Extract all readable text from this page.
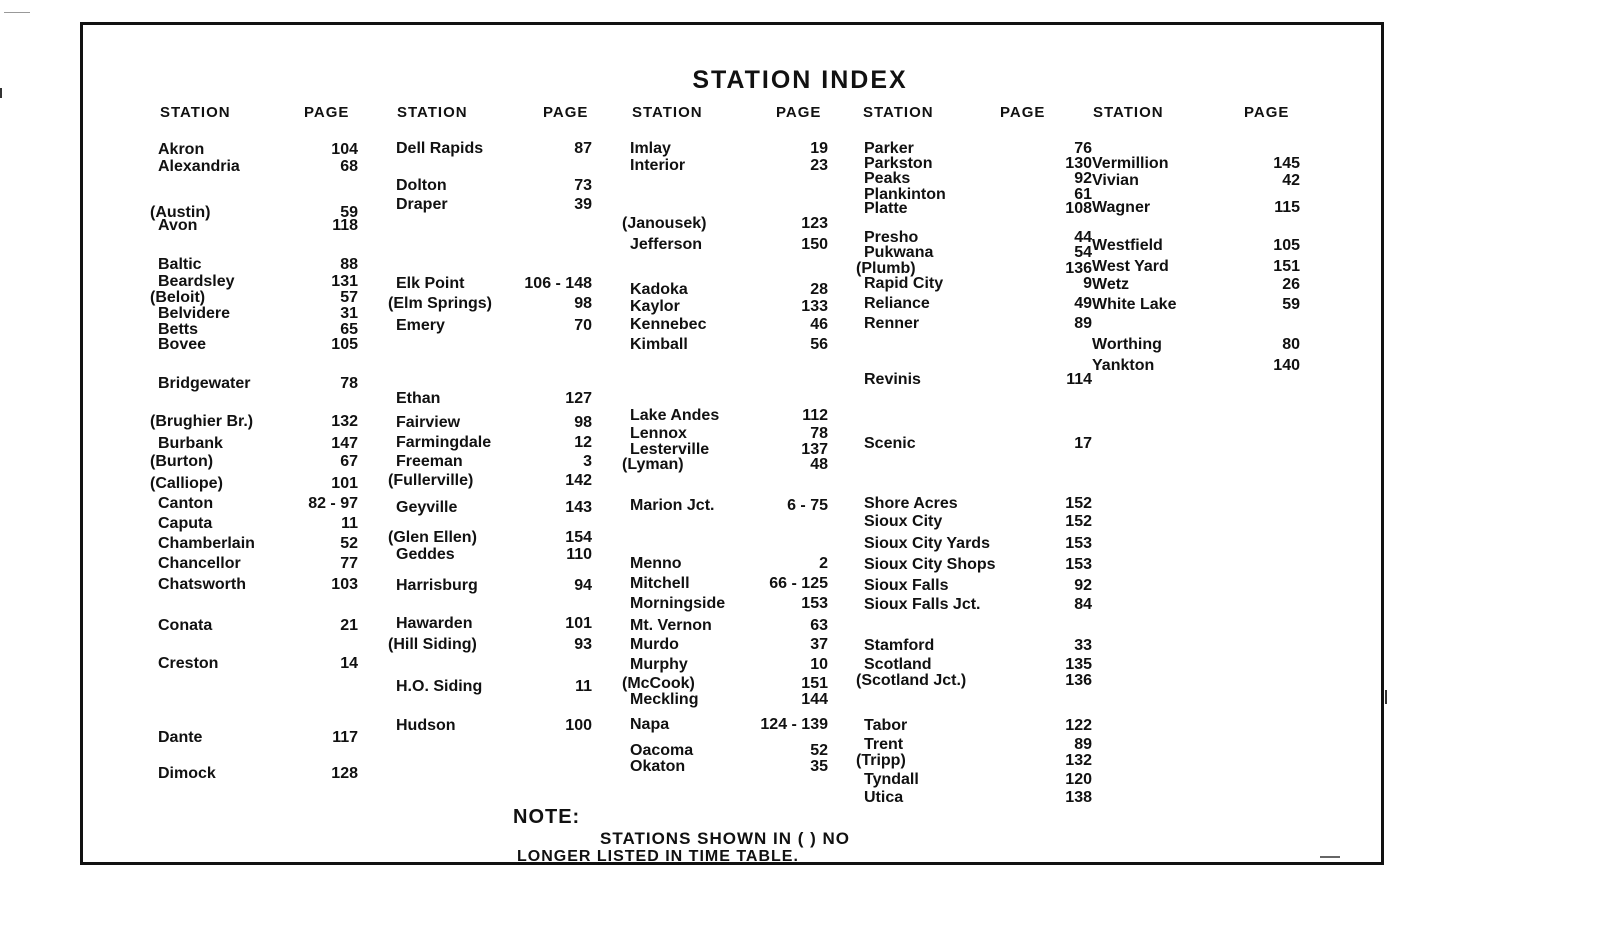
STATION INDEX
STATION	PAGE
Akron	104
Alexandria	68
(Austin)	59
Avon	118
Baltic	88
Beardsley	131
(Beloit)	57
Belvidere	31
Betts	65
Bovee	105
Bridgewater	78
(Brughier Br.)	132
Burbank	147
(Burton)	67
(Calliope)	101
Canton	82 - 97
Caputa	11
Chamberlain	52
Chancellor	77
Chatsworth	103
Conata	21
Creston	14
Dante	117
Dimock	128
STATION	PAGE
Dell Rapids	87
Dolton	73
Draper	39
Elk Point	106 - 148
(Elm Springs)	98
Emery	70
Ethan	127
Fairview	98
Farmingdale	12
Freeman	3
(Fullerville)	142
Geyville	143
(Glen Ellen)	154
Geddes	110
Harrisburg	94
Hawarden	101
(Hill Siding)	93
H.O. Siding	11
Hudson	100
STATION	PAGE
Imlay	19
Interior	23
(Janousek)	123
Jefferson	150
Kadoka	28
Kaylor	133
Kennebec	46
Kimball	56
Lake Andes	112
Lennox	78
Lesterville	137
(Lyman)	48
Marion Jct.	6 - 75
Menno	2
Mitchell	66 - 125
Morningside	153
Mt. Vernon	63
Murdo	37
Murphy	10
(McCook)	151
Meckling	144
Napa	124 - 139
Oacoma	52
Okaton	35
STATION	PAGE
Parker	76
Parkston	130
Peaks	92
Plankinton	61
Platte	108
Presho	44
Pukwana	54
(Plumb)	136
Rapid City	9
Reliance	49
Renner	89
Revinis	114
Scenic	17
Shore Acres	152
Sioux City	152
Sioux City Yards	153
Sioux City Shops	153
Sioux Falls	92
Sioux Falls Jct.	84
Stamford	33
Scotland	135
(Scotland Jct.)	136
Tabor	122
Trent	89
(Tripp)	132
Tyndall	120
Utica	138
STATION	PAGE
Vermillion	145
Vivian	42
Wagner	115
Westfield	105
West Yard	151
Wetz	26
White Lake	59
Worthing	80
Yankton	140
NOTE:
STATIONS SHOWN IN ( ) NO
LONGER LISTED IN TIME TABLE.
